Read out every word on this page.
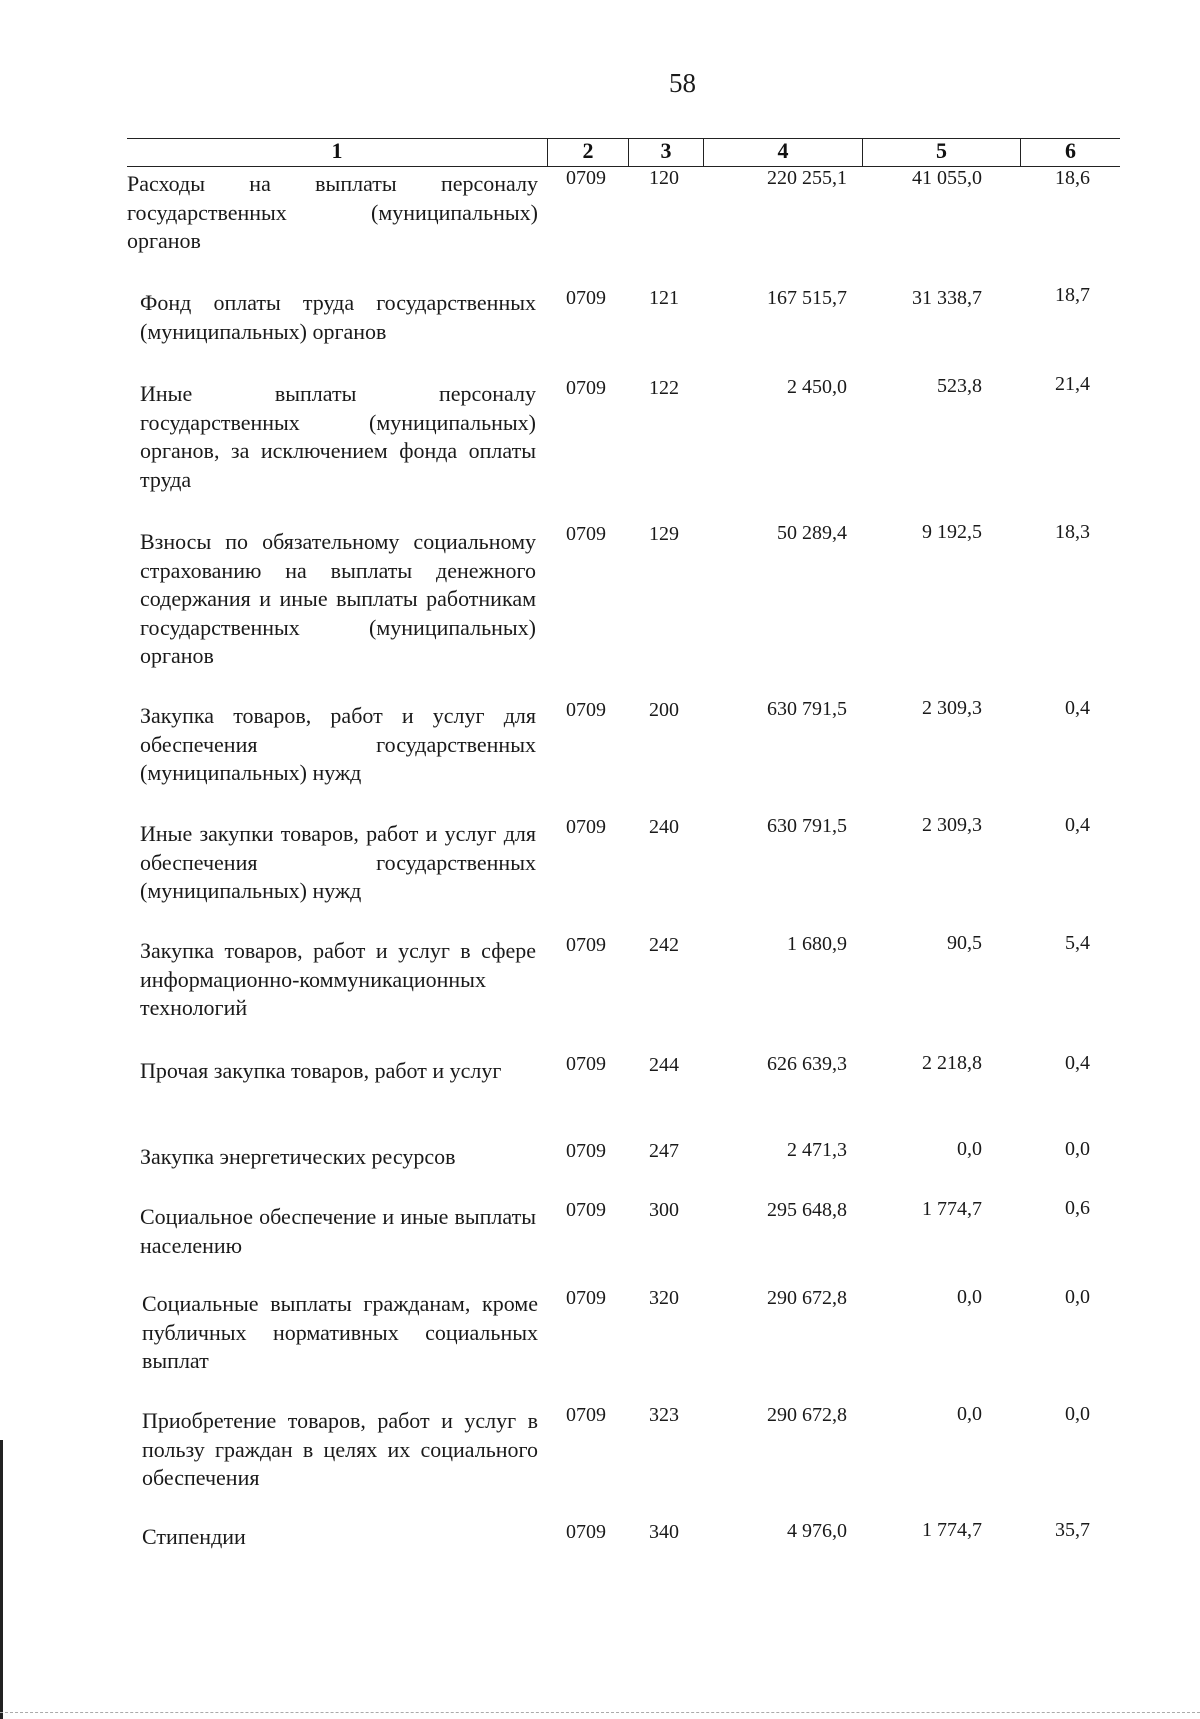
58
1	2	3	4	5	6
Расходы на выплаты персоналу государственных (муниципальных) органов
0709 120	220 255,1	41 055,0	18,6
Фонд оплаты труда государственных (муниципальных) органов
0709 121	167 515,7	31 338,7	18,7
Иные выплаты персоналу государственных (муниципальных) органов, за исключением фонда оплаты труда
0709 122	2 450,0	523,8	21,4
Взносы по обязательному социальному страхованию на выплаты денежного содержания и иные выплаты работникам государственных (муниципальных) органов
0709 129	50 289,4	9 192,5	18,3
Закупка товаров, работ и услуг для обеспечения государственных (муниципальных) нужд
0709 200	630 791,5	2 309,3	0,4
Иные закупки товаров, работ и услуг для обеспечения государственных (муниципальных) нужд
0709 240	630 791,5	2 309,3	0,4
Закупка товаров, работ и услуг в сфере информационно-коммуникационных технологий
0709 242	1 680,9	90,5	5,4
Прочая закупка товаров, работ и услуг	0709 244	626 639,3	2 218,8	0,4
Закупка энергетических ресурсов	0709 247	2 471,3	0,0	0,0
Социальное обеспечение и иные выплаты населению
0709 300	295 648,8	1 774,7	0,6
Социальные выплаты гражданам, кроме публичных нормативных социальных выплат
0709 320	290 672,8	0,0	0,0
Приобретение товаров, работ и услуг в пользу граждан в целях их социального обеспечения
0709 323	290 672,8	0,0	0,0
Стипендии	0709 340	4 976,0	1 774,7	35,7
